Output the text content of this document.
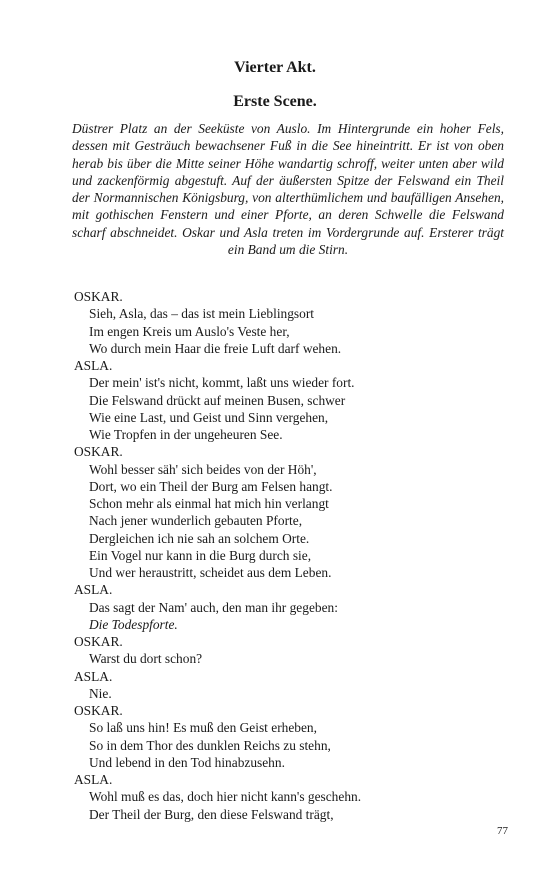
Vierter Akt.
Erste Scene.
Düstrer Platz an der Seeküste von Auslo. Im Hintergrunde ein hoher Fels, dessen mit Gesträuch bewachsener Fuß in die See hineintritt. Er ist von oben herab bis über die Mitte seiner Höhe wandartig schroff, weiter unten aber wild und zackenförmig abgestuft. Auf der äußersten Spitze der Felswand ein Theil der Normannischen Königsburg, von alterthümlichem und baufälligen Ansehen, mit gothischen Fenstern und einer Pforte, an deren Schwelle die Felswand scharf abschneidet. Oskar und Asla treten im Vordergrunde auf. Ersterer trägt ein Band um die Stirn.
OSKAR.
Sieh, Asla, das – das ist mein Lieblingsort
Im engen Kreis um Auslo's Veste her,
Wo durch mein Haar die freie Luft darf wehen.
ASLA.
Der mein' ist's nicht, kommt, laßt uns wieder fort.
Die Felswand drückt auf meinen Busen, schwer
Wie eine Last, und Geist und Sinn vergehen,
Wie Tropfen in der ungeheuren See.
OSKAR.
Wohl besser säh' sich beides von der Höh',
Dort, wo ein Theil der Burg am Felsen hangt.
Schon mehr als einmal hat mich hin verlangt
Nach jener wunderlich gebauten Pforte,
Dergleichen ich nie sah an solchem Orte.
Ein Vogel nur kann in die Burg durch sie,
Und wer heraustritt, scheidet aus dem Leben.
ASLA.
Das sagt der Nam' auch, den man ihr gegeben:
Die Todespforte.
OSKAR.
Warst du dort schon?
ASLA.
Nie.
OSKAR.
So laß uns hin! Es muß den Geist erheben,
So in dem Thor des dunklen Reichs zu stehn,
Und lebend in den Tod hinabzusehn.
ASLA.
Wohl muß es das, doch hier nicht kann's geschehn.
Der Theil der Burg, den diese Felswand trägt,
77
